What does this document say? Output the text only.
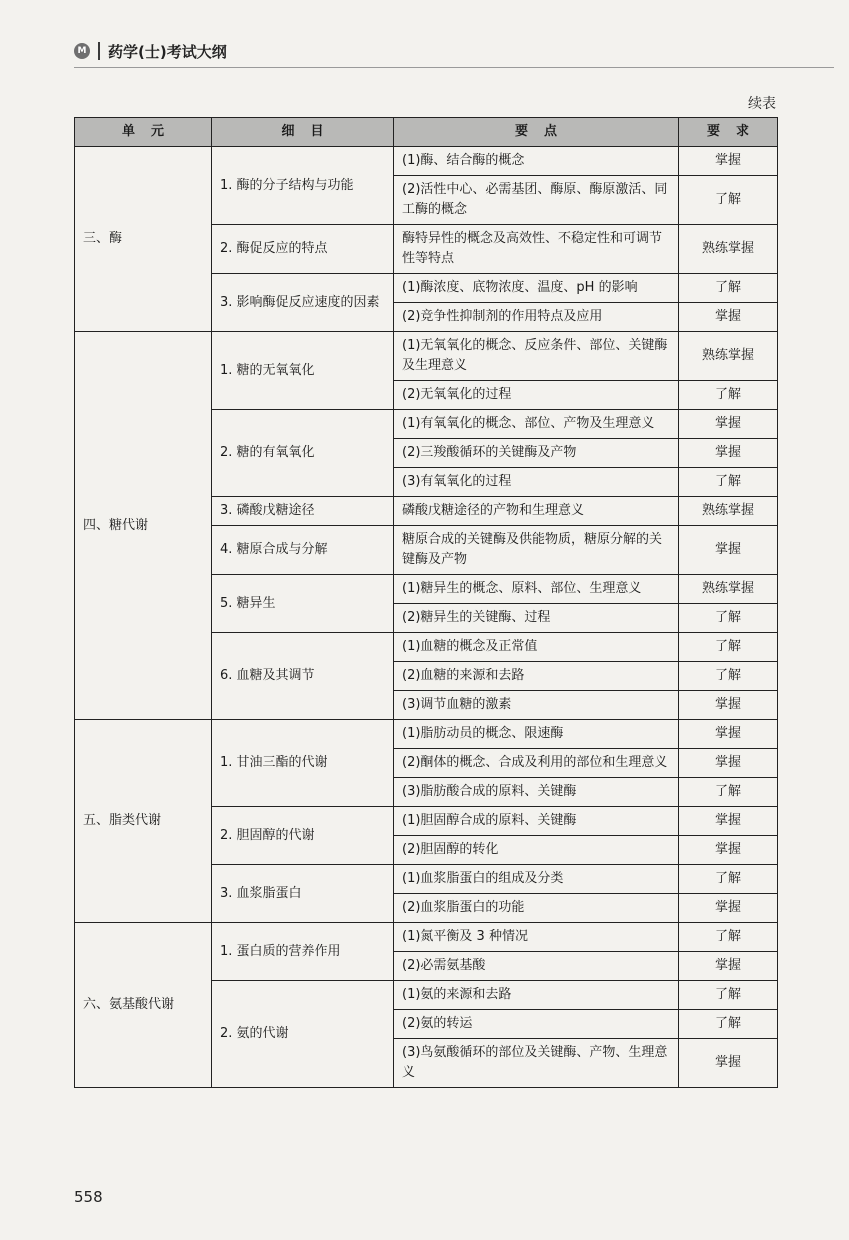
M 药学(士)考试大纲
续表
单元	细目	要点	要求
三、酶	1. 酶的分子结构与功能	(1)酶、结合酶的概念	掌握
		(2)活性中心、必需基团、酶原、酶原激活、同工酶的概念	了解
	2. 酶促反应的特点	酶特异性的概念及高效性、不稳定性和可调节性等特点	熟练掌握
	3. 影响酶促反应速度的因素	(1)酶浓度、底物浓度、温度、pH 的影响	了解
		(2)竞争性抑制剂的作用特点及应用	掌握
四、糖代谢	1. 糖的无氧氧化	(1)无氧氧化的概念、反应条件、部位、关键酶及生理意义	熟练掌握
		(2)无氧氧化的过程	了解
	2. 糖的有氧氧化	(1)有氧氧化的概念、部位、产物及生理意义	掌握
		(2)三羧酸循环的关键酶及产物	掌握
		(3)有氧氧化的过程	了解
	3. 磷酸戊糖途径	磷酸戊糖途径的产物和生理意义	熟练掌握
	4. 糖原合成与分解	糖原合成的关键酶及供能物质，糖原分解的关键酶及产物	掌握
	5. 糖异生	(1)糖异生的概念、原料、部位、生理意义	熟练掌握
		(2)糖异生的关键酶、过程	了解
	6. 血糖及其调节	(1)血糖的概念及正常值	了解
		(2)血糖的来源和去路	了解
		(3)调节血糖的激素	掌握
五、脂类代谢	1. 甘油三酯的代谢	(1)脂肪动员的概念、限速酶	掌握
		(2)酮体的概念、合成及利用的部位和生理意义	掌握
		(3)脂肪酸合成的原料、关键酶	了解
	2. 胆固醇的代谢	(1)胆固醇合成的原料、关键酶	掌握
		(2)胆固醇的转化	掌握
	3. 血浆脂蛋白	(1)血浆脂蛋白的组成及分类	了解
		(2)血浆脂蛋白的功能	掌握
六、氨基酸代谢	1. 蛋白质的营养作用	(1)氮平衡及 3 种情况	了解
		(2)必需氨基酸	掌握
	2. 氨的代谢	(1)氨的来源和去路	了解
		(2)氨的转运	了解
		(3)鸟氨酸循环的部位及关键酶、产物、生理意义	掌握
558
